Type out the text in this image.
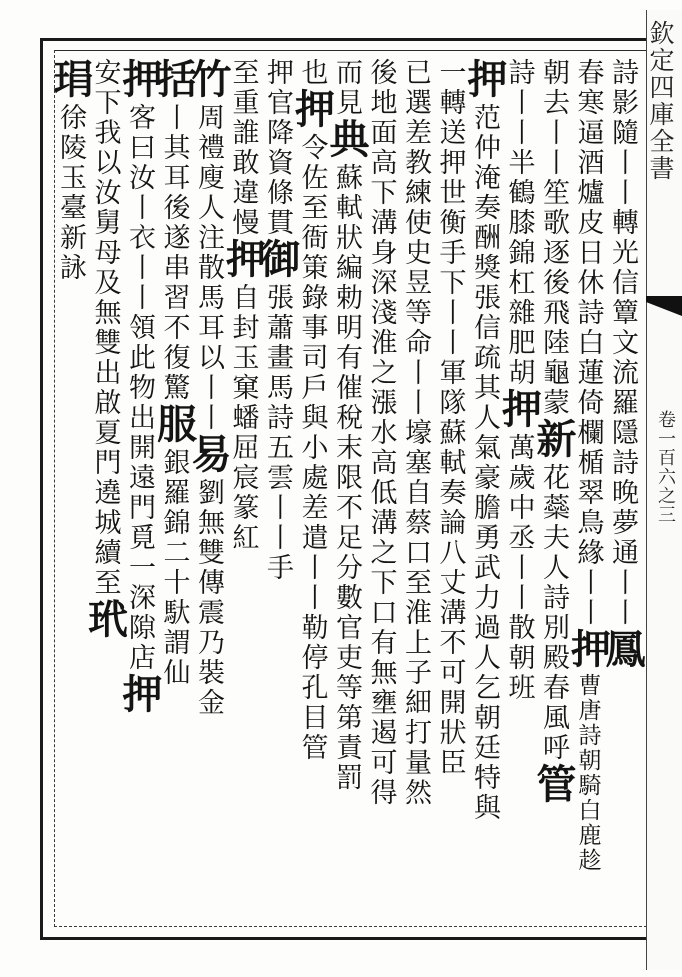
欽定四庫全書
卷一百六之三
詩影隨丨丨轉光信簟文流羅隱詩晚夢通丨丨鳳
春寒逼酒爐皮日休詩白蓮倚欄楯翠鳥緣丨丨押曹唐詩朝騎白鹿趁
朝去丨丨笙歌逐後飛陸龜蒙新花蘂夫人詩別殿春風呼管
詩丨丨半鶴膝錦杠雜肥胡押萬歲中丞丨丨散朝班
押范仲淹奏酬獎張信疏其人氣豪膽勇武力過人乞朝廷特與
一轉送押世衡手下丨丨軍隊蘇軾奏論八丈溝不可開狀臣
已選差教練使史昱等命丨丨壕塞自蔡口至淮上子細打量然
後地面高下溝身深淺淮之漲水高低溝之下口有無壅遏可得
而見典蘇軾狀編勅明有催稅末限不足分數官吏等第責罰
也押令佐至衙䇿錄事司戶與小處差遣丨丨勒停孔目管
押官降資條貫御張蕭畫馬詩五雲丨丨手
至重誰敢違慢押自封玉窠蟠屈宸篆紅
竹周禮廋人注散馬耳以丨丨易劉無雙傳震乃裝金
括丨其耳後遂串習不復驚服銀羅錦二十馱謂仙
押客曰汝丨衣丨丨領此物出開遠門覓一深隙店押
安下我以汝舅母及無雙出啟夏門遶城續至玳
琄徐陵玉臺新詠
